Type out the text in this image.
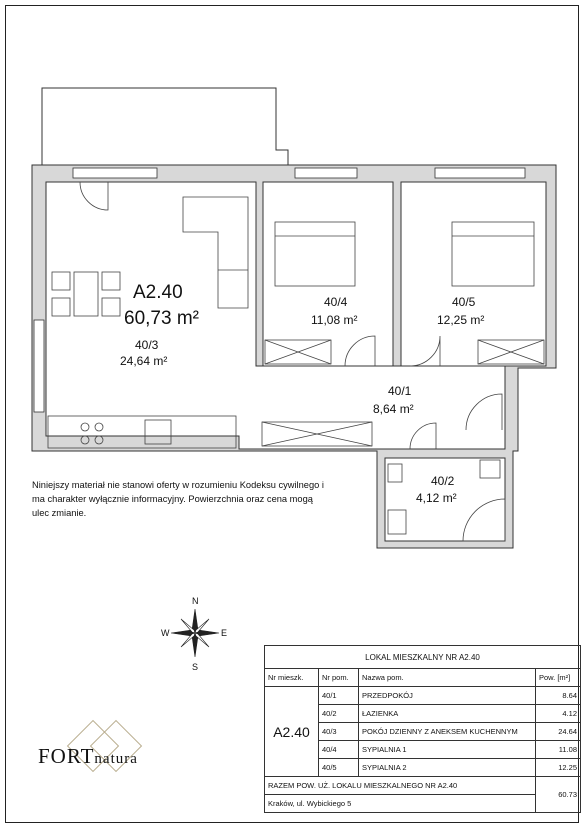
A2.40
60,73 m²
40/3
24,64 m²
40/4
11,08 m²
40/5
12,25 m²
40/1
8,64 m²
40/2
4,12 m²
Niniejszy materiał nie stanowi oferty w rozumieniu Kodeksu cywilnego i ma charakter wyłącznie informacyjny. Powierzchnia oraz cena mogą ulec zmianie.
N
S
E
W
FORTnatura
LOKAL MIESZKALNY NR A2.40			
Nr mieszk.	Nr pom.	Nazwa pom.	Pow. [m²]
A2.40	40/1	PRZEDPOKÓJ	8.64
	40/2	ŁAZIENKA	4.12
	40/3	POKÓJ DZIENNY Z ANEKSEM KUCHENNYM	24.64
	40/4	SYPIALNIA 1	11.08
	40/5	SYPIALNIA 2	12.25
RAZEM POW. UŻ. LOKALU MIESZKALNEGO NR A2.40			60.73
Kraków, ul. Wybickiego 5			
